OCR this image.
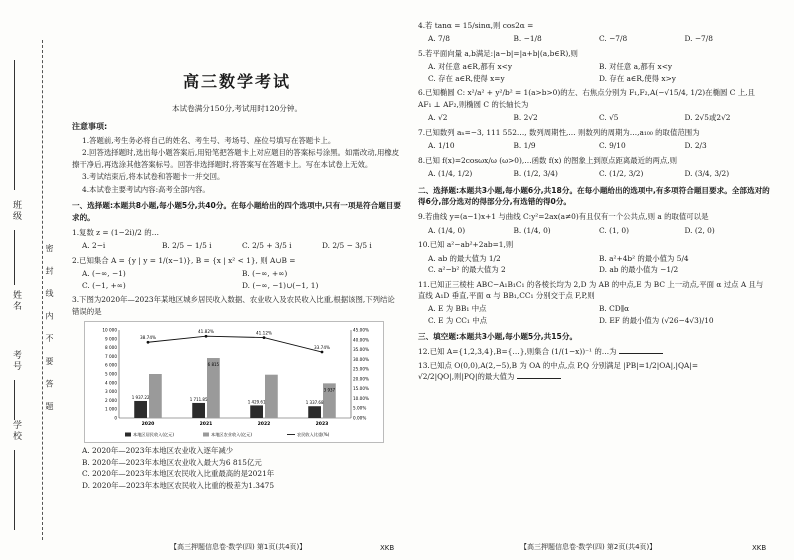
班级
姓名
考号
学校
密 封 线 内 不 要 答 题
高三数学考试
本试卷满分150分,考试用时120分钟。
注意事项:
1.答题前,考生务必将自己的姓名、考生号、考场号、座位号填写在答题卡上。
2.回答选择题时,选出每小题答案后,用铅笔把答题卡上对应题目的答案标号涂黑。如需改动,用橡皮擦干净后,再选涂其他答案标号。回答非选择题时,将答案写在答题卡上。写在本试卷上无效。
3.考试结束后,将本试卷和答题卡一并交回。
4.本试卷主要考试内容:高考全部内容。
一、选择题:本题共8小题,每小题5分,共40分。在每小题给出的四个选项中,只有一项是符合题目要求的。
1.复数 z = (1−2i)/2 的…
A. 2−i	B. 2/5 − 1/5 i	C. 2/5 + 3/5 i	D. 2/5 − 3/5 i
2.已知集合 A = {y | y = 1/(x−1)}, B = {x | x² < 1}, 则 A∪B =
A. (−∞, −1)	B. (−∞, +∞)
C. (−1, +∞)	D. (−∞, −1)∪(−1, 1)
3.下图为2020年—2023年某地区城乡居民收入数据、农业收入及农民收入比重,根据该图,下列结论错误的是
10 000
9 000
8 000
7 000
6 000
5 000
4 000
3 000
2 000
1 000
0
45.00%
40.00%
35.00%
30.00%
25.00%
20.00%
15.00%
10.00%
5.00%
0.00%
1 937.22
2020
1 711.85
6 815
2021
1 429.61
2022
1 337.68
3 937
2023
38.74%
41.82%	41.12%
33.74%
本地区居民收入(亿元)	本地区农业收入(亿元)	农民收入比重(%)
A. 2020年—2023年本地区农业收入逐年减少
B. 2020年—2023年本地区农业收入最大为6 815亿元
C. 2020年—2023年本地区农民收入比重最高的是2021年
D. 2020年—2023年本地区农民收入比重的极差为1.3475
4.若 tanα = 15/sinα,则 cos2α =
A. 7/8	B. −1/8	C. −7/8	D. −7/8
5.若平面向量 a,b满足:|a−b|=|a+b|(a,b∈R),则
A. 对任意 a∈R,都有 x<y	B. 对任意 a,都有 x<y
C. 存在 a∈R,使得 x=y	D. 存在 a∈R,使得 x>y
6.已知椭圆 C: x²/a² + y²/b² = 1(a>b>0)的左、右焦点分别为 F₁,F₂,A(−√15/4, 1/2)在椭圆 C 上,且 AF₁ ⊥ AF₂,则椭圆 C 的长轴长为
A. √2	B. 2√2	C. √5	D. 2√5或2√2
7.已知数列 aₙ=−3, 111 552…, 数列周期性,… 则数列的周期为…,a₁₀₀ 的取值范围为
A. 1/10	B. 1/9	C. 9/10	D. 2/3
8.已知 f(x)=2cosωx/ω (ω>0),…函数 f(x) 的图象上到原点距离最近的两点,则
A. (1/4, 1/2)	B. (1/2, 3/4)	C. (1/2, 3/2)	D. (3/4, 3/2)
二、选择题:本题共3小题,每小题6分,共18分。在每小题给出的选项中,有多项符合题目要求。全部选对的得6分,部分选对的得部分分,有选错的得0分。
9.若曲线 y=(a−1)x+1 与曲线 C:y²=2ax(a≠0)有且仅有一个公共点,则 a 的取值可以是
A. (1/4, 0)	B. (1/4, 0)	C. (1, 0)	D. (2, 0)
10.已知 a²−ab²+2ab=1,则
A. ab 的最大值为 1/2	B. a²+4b² 的最小值为 5/4
C. a²−b² 的最大值为 2	D. ab 的最小值为 −1/2
11.已知正三棱柱 ABC−A₁B₁C₁ 的各棱长均为 2,D 为 AB 的中点,E 为 BC 上一动点,平面 α 过点 A 且与直线 A₁D 垂直,平面 α 与 BB₁,CC₁ 分别交于点 F,P,则
A. E 为 BB₁ 中点	B. CD∥α
C. E 为 CC₁ 中点	D. EF 的最小值为 (√26−4√3)/10
三、填空题:本题共3小题,每小题5分,共15分。
12.已知 A={1,2,3,4},B={…},则集合 (1/(1−x))⁻¹ 的…为
13.已知点 O(0,0),A(2,−5),B 为 OA 的中点,点 P,Q 分别满足 |PB|=1/2|OA|,|QA|=
√2/2|QO|,则|PQ|的最大值为
【高三押题信息卷·数学(四) 第1页(共4页)】	XKB	【高三押题信息卷·数学(四) 第2页(共4页)】	XKB
